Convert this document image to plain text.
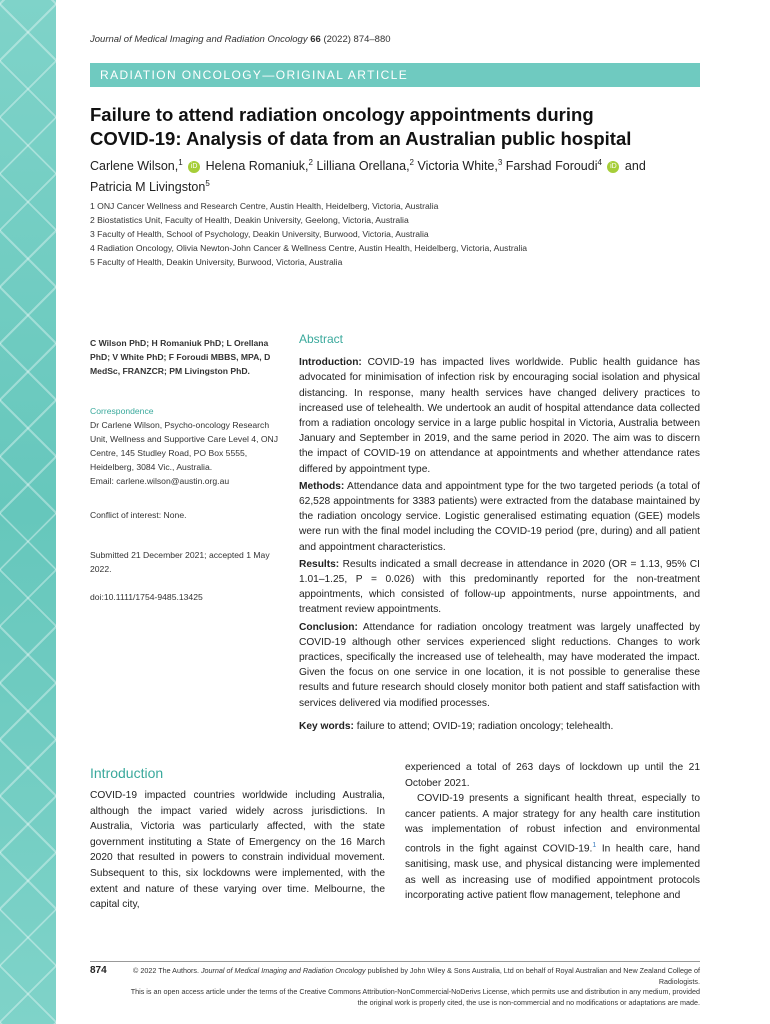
Journal of Medical Imaging and Radiation Oncology 66 (2022) 874–880
RADIATION ONCOLOGY—ORIGINAL ARTICLE
Failure to attend radiation oncology appointments during
COVID-19: Analysis of data from an Australian public hospital
Carlene Wilson,$^1$ iD Helena Romaniuk,$^2$ Lilliana Orellana,$^2$ Victoria White,$^3$ Farshad Foroudi$^4$ iD and
Patricia M Livingston$^5$
1 ONJ Cancer Wellness and Research Centre, Austin Health, Heidelberg, Victoria, Australia
2 Biostatistics Unit, Faculty of Health, Deakin University, Geelong, Victoria, Australia
3 Faculty of Health, School of Psychology, Deakin University, Burwood, Victoria, Australia
4 Radiation Oncology, Olivia Newton-John Cancer & Wellness Centre, Austin Health, Heidelberg, Victoria, Australia
5 Faculty of Health, Deakin University, Burwood, Victoria, Australia
C Wilson PhD; H Romaniuk PhD; L Orellana PhD; V White PhD; F Foroudi MBBS, MPA, D MedSc, FRANZCR; PM Livingston PhD.
Correspondence
Dr Carlene Wilson, Psycho-oncology Research Unit, Wellness and Supportive Care Level 4, ONJ Centre, 145 Studley Road, PO Box 5555, Heidelberg, 3084 Vic., Australia.
Email: carlene.wilson@austin.org.au
Conflict of interest: None.
Submitted 21 December 2021; accepted 1 May 2022.
doi:10.1111/1754-9485.13425
Abstract

Introduction: COVID-19 has impacted lives worldwide. Public health guidance has advocated for minimisation of infection risk by encouraging social isolation and physical distancing. In response, many health services have changed delivery practices to increased use of telehealth. We undertook an audit of hospital attendance data collected from a radiation oncology service in a large public hospital in Victoria, Australia between January and September in 2019, and the same period in 2020. The aim was to discern the impact of COVID-19 on attendance at appointments and whether attendance rates differed by appointment type.

Methods: Attendance data and appointment type for the two targeted periods (a total of 62,528 appointments for 3383 patients) were extracted from the database maintained by the radiation oncology service. Logistic generalised estimating equation (GEE) models were run with the final model including the COVID-19 period (pre, during) and all patient and appointment characteristics.

Results: Results indicated a small decrease in attendance in 2020 (OR = 1.13, 95% CI 1.01–1.25, P = 0.026) with this predominantly reported for the non-treatment appointments, which consisted of follow-up appointments, nurse appointments, and treatment review appointments.

Conclusion: Attendance for radiation oncology treatment was largely unaffected by COVID-19 although other services experienced slight reductions. Changes to work practices, specifically the increased use of telehealth, may have moderated the impact. Given the focus on one service in one location, it is not possible to generalise these results and future research should closely monitor both patient and staff satisfaction with services delivered via modified processes.

Key words: failure to attend; OVID-19; radiation oncology; telehealth.

Introduction

COVID-19 impacted countries worldwide including Australia, although the impact varied widely across jurisdictions. In Australia, Victoria was particularly affected, with the state government instituting a State of Emergency on the 16 March 2020 that resulted in powers to constrain individual movement. Subsequent to this, six lockdowns were implemented, with the extent and nature of these varying over time. Melbourne, the capital city,

experienced a total of 263 days of lockdown up until the 21 October 2021.

COVID-19 presents a significant health threat, especially to cancer patients. A major strategy for any health care institution was implementation of robust infection and environmental controls in the fight against COVID-19.$^1$ In health care, hand sanitising, mask use, and physical distancing were implemented as well as increasing use of modified appointment protocols incorporating active patient flow management, telephone and

874	© 2022 The Authors. Journal of Medical Imaging and Radiation Oncology published by John Wiley & Sons Australia, Ltd on behalf of Royal Australian and New Zealand College of Radiologists.
This is an open access article under the terms of the Creative Commons Attribution-NonCommercial-NoDerivs License, which permits use and distribution in any medium, provided the original work is properly cited, the use is non-commercial and no modifications or adaptations are made.
